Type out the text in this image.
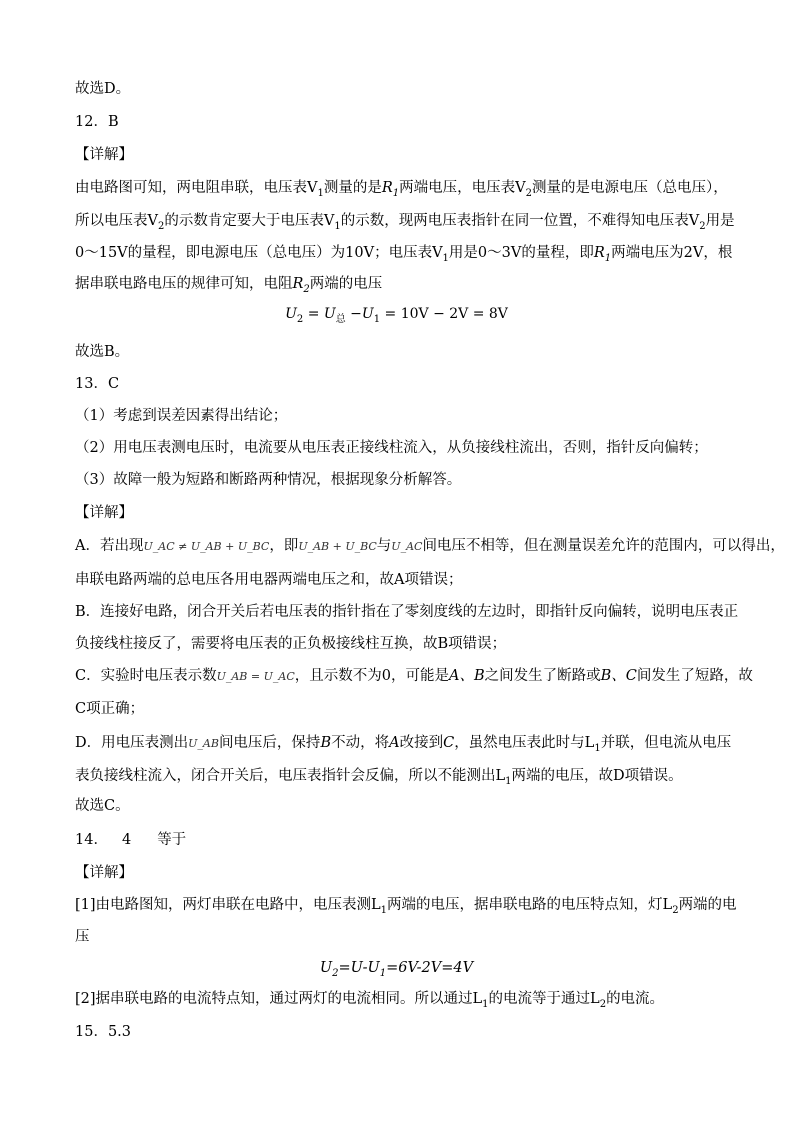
故选D。
12．B
【详解】
由电路图可知，两电阻串联，电压表$V_1$测量的是$R_1$两端电压，电压表$V_2$测量的是电源电压（总电压），
所以电压表$V_2$的示数肯定要大于电压表$V_1$的示数，现两电压表指针在同一位置，不难得知电压表$V_2$用是
0～15V的量程，即电源电压（总电压）为10V；电压表$V_1$用是0～3V的量程，即$R_1$两端电压为2V，根
据串联电路电压的规律可知，电阻$R_2$两端的电压
$U_2 = U_总 -U_1 = 10V - 2V = 8V$
故选B。
13．C
（1）考虑到误差因素得出结论；
（2）用电压表测电压时，电流要从电压表正接线柱流入，从负接线柱流出，否则，指针反向偏转；
（3）故障一般为短路和断路两种情况，根据现象分析解答。
【详解】
A．若出现U_AC ≠ U_AB + U_BC，即U_AB + U_BC与U_AC间电压不相等，但在测量误差允许的范围内，可以得出，
串联电路两端的总电压各用电器两端电压之和，故A项错误；
B．连接好电路，闭合开关后若电压表的指针指在了零刻度线的左边时，即指针反向偏转，说明电压表正
负接线柱接反了，需要将电压表的正负极接线柱互换，故B项错误；
C．实验时电压表示数U_AB = U_AC，且示数不为0，可能是A、B之间发生了断路或B、C间发生了短路，故
C项正确；
D．用电压表测出U_AB间电压后，保持B不动，将A改接到C，虽然电压表此时与$L_1$并联，但电流从电压
表负接线柱流入，闭合开关后，电压表指针会反偏，所以不能测出$L_1$两端的电压，故D项错误。
故选C。
14． 4 等于
【详解】
[1]由电路图知，两灯串联在电路中，电压表测$L_1$两端的电压，据串联电路的电压特点知，灯$L_2$两端的电
压
$U_2=U-U_1=6V-2V=4V$
[2]据串联电路的电流特点知，通过两灯的电流相同。所以通过$L_1$的电流等于通过$L_2$的电流。
15．5.3
